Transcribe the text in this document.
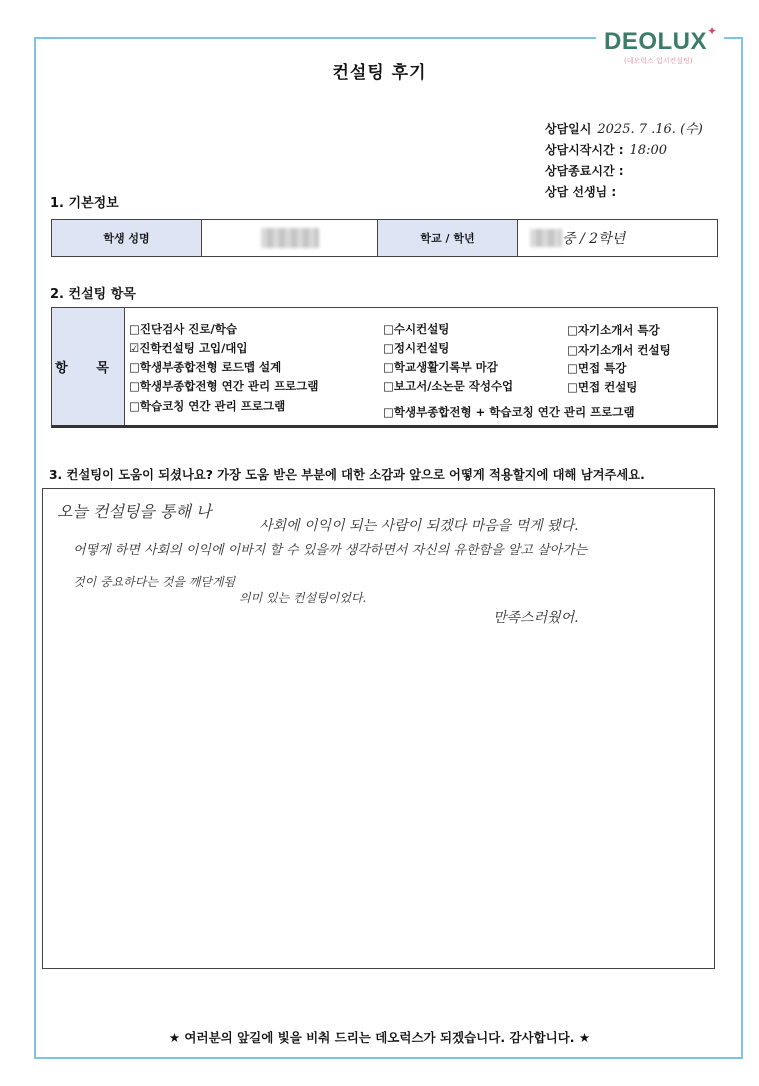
DEOLUX ✦
(데오럭스 입시컨설팅)
컨설팅 후기
상담일시 2025. 7 .16. (수)
상담시작시간 : 18:00
상담종료시간 :
상담 선생님 :
1. 기본정보
학생 성명	학교 / 학년	중 / 2학년
2. 컨설팅 항목
항 목
□진단검사 진로/학습
☑진학컨설팅 고입/대입
□학생부종합전형 로드맵 설계
□학생부종합전형 연간 관리 프로그램
□학습코칭 연간 관리 프로그램
□수시컨설팅
□정시컨설팅
□학교생활기록부 마감
□보고서/소논문 작성수업
□학생부종합전형 + 학습코칭 연간 관리 프로그램
□자기소개서 특강
□자기소개서 컨설팅
□면접 특강
□면접 컨설팅
3. 컨설팅이 도움이 되셨나요? 가장 도움 받은 부분에 대한 소감과 앞으로 어떻게 적용할지에 대해 남겨주세요.
오늘 컨설팅을 통해 나
사회에 이익이 되는 사람이 되겠다 마음을 먹게 됐다.
어떻게 하면 사회의 이익에 이바지 할 수 있을까 생각하면서 자신의 유한함을 알고 살아가는
것이 중요하다는 것을 깨닫게됨
의미 있는 컨설팅이었다.
만족스러웠어.
★ 여러분의 앞길에 빛을 비춰 드리는 데오럭스가 되겠습니다. 감사합니다. ★
